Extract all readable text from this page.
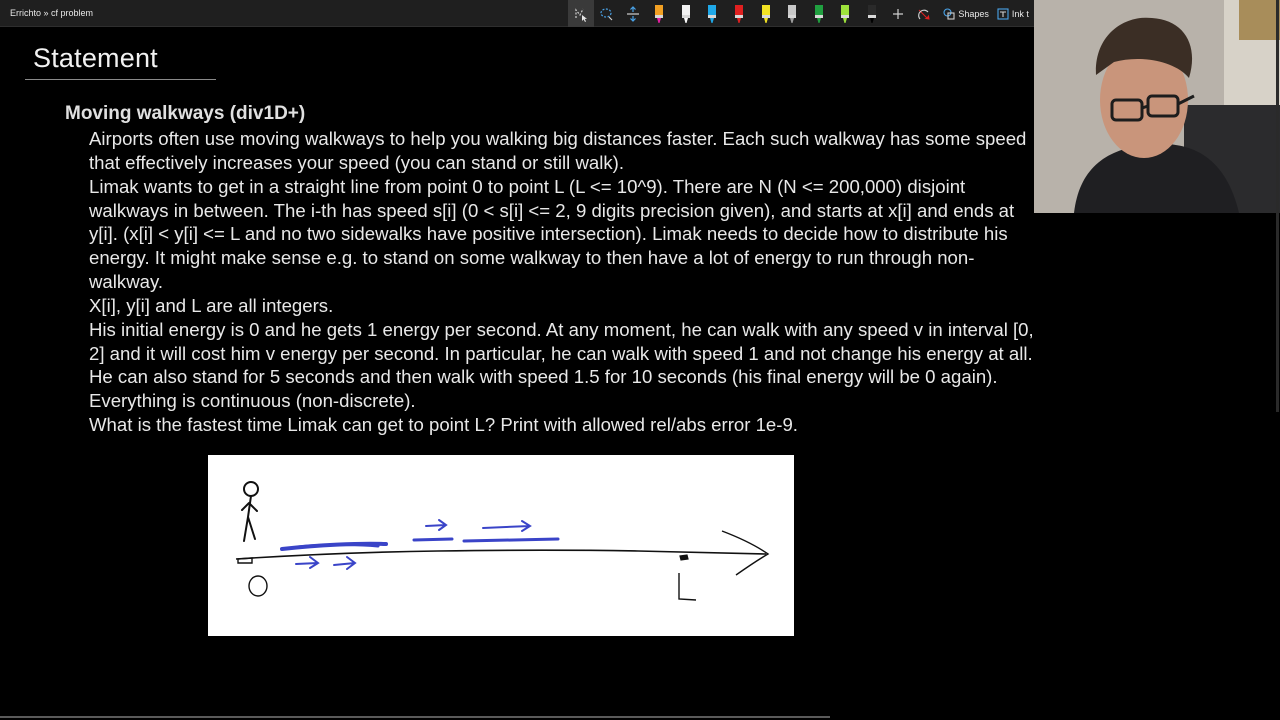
Errichto » cf problem	Shapes	Ink t
Statement
Moving walkways (div1D+)

Airports often use moving walkways to help you walking big distances faster. Each such walkway has some speed that effectively increases your speed (you can stand or still walk).

Limak wants to get in a straight line from point 0 to point L (L <= 10^9). There are N (N <= 200,000) disjoint walkways in between. The i-th has speed s[i] (0 < s[i] <= 2, 9 digits precision given), and starts at x[i] and ends at y[i]. (x[i] < y[i] <= L and no two sidewalks have positive intersection). Limak needs to decide how to distribute his energy. It might make sense e.g. to stand on some walkway to then have a lot of energy to run through non-walkway.

X[i], y[i] and L are all integers.

His initial energy is 0 and he gets 1 energy per second. At any moment, he can walk with any speed v in interval [0, 2] and it will cost him v energy per second. In particular, he can walk with speed 1 and not change his energy at all. He can also stand for 5 seconds and then walk with speed 1.5 for 10 seconds (his final energy will be 0 again). Everything is continuous (non-discrete).

What is the fastest time Limak can get to point L? Print with allowed rel/abs error 1e-9.
